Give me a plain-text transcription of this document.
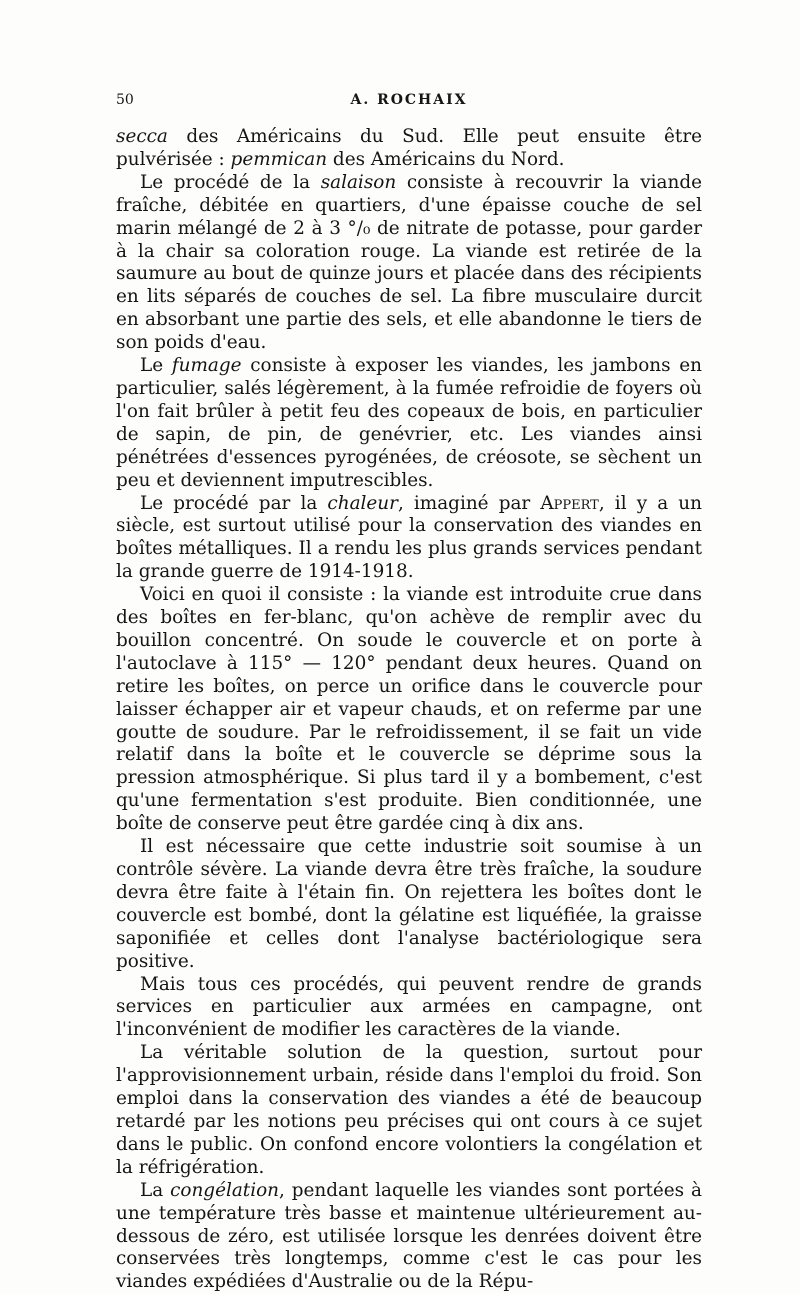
50	A. ROCHAIX

secca des Américains du Sud. Elle peut ensuite être pulvérisée : pemmican des Américains du Nord.

Le procédé de la salaison consiste à recouvrir la viande fraîche, débitée en quartiers, d'une épaisse couche de sel marin mélangé de 2 à 3 °/₀ de nitrate de potasse, pour garder à la chair sa coloration rouge. La viande est retirée de la saumure au bout de quinze jours et placée dans des récipients en lits séparés de couches de sel. La fibre musculaire durcit en absorbant une partie des sels, et elle abandonne le tiers de son poids d'eau.

Le fumage consiste à exposer les viandes, les jambons en particulier, salés légèrement, à la fumée refroidie de foyers où l'on fait brûler à petit feu des copeaux de bois, en particulier de sapin, de pin, de genévrier, etc. Les viandes ainsi pénétrées d'essences pyrogénées, de créosote, se sèchent un peu et deviennent imputrescibles.

Le procédé par la chaleur, imaginé par Appert, il y a un siècle, est surtout utilisé pour la conservation des viandes en boîtes métalliques. Il a rendu les plus grands services pendant la grande guerre de 1914-1918.

Voici en quoi il consiste : la viande est introduite crue dans des boîtes en fer-blanc, qu'on achève de remplir avec du bouillon concentré. On soude le couvercle et on porte à l'autoclave à 115° — 120° pendant deux heures. Quand on retire les boîtes, on perce un orifice dans le couvercle pour laisser échapper air et vapeur chauds, et on referme par une goutte de soudure. Par le refroidissement, il se fait un vide relatif dans la boîte et le couvercle se déprime sous la pression atmosphérique. Si plus tard il y a bombement, c'est qu'une fermentation s'est produite. Bien conditionnée, une boîte de conserve peut être gardée cinq à dix ans.

Il est nécessaire que cette industrie soit soumise à un contrôle sévère. La viande devra être très fraîche, la soudure devra être faite à l'étain fin. On rejettera les boîtes dont le couvercle est bombé, dont la gélatine est liquéfiée, la graisse saponifiée et celles dont l'analyse bactériologique sera positive.

Mais tous ces procédés, qui peuvent rendre de grands services en particulier aux armées en campagne, ont l'inconvénient de modifier les caractères de la viande.

La véritable solution de la question, surtout pour l'approvisionnement urbain, réside dans l'emploi du froid. Son emploi dans la conservation des viandes a été de beaucoup retardé par les notions peu précises qui ont cours à ce sujet dans le public. On confond encore volontiers la congélation et la réfrigération.

La congélation, pendant laquelle les viandes sont portées à une température très basse et maintenue ultérieurement au-dessous de zéro, est utilisée lorsque les denrées doivent être conservées très longtemps, comme c'est le cas pour les viandes expédiées d'Australie ou de la Répu-
